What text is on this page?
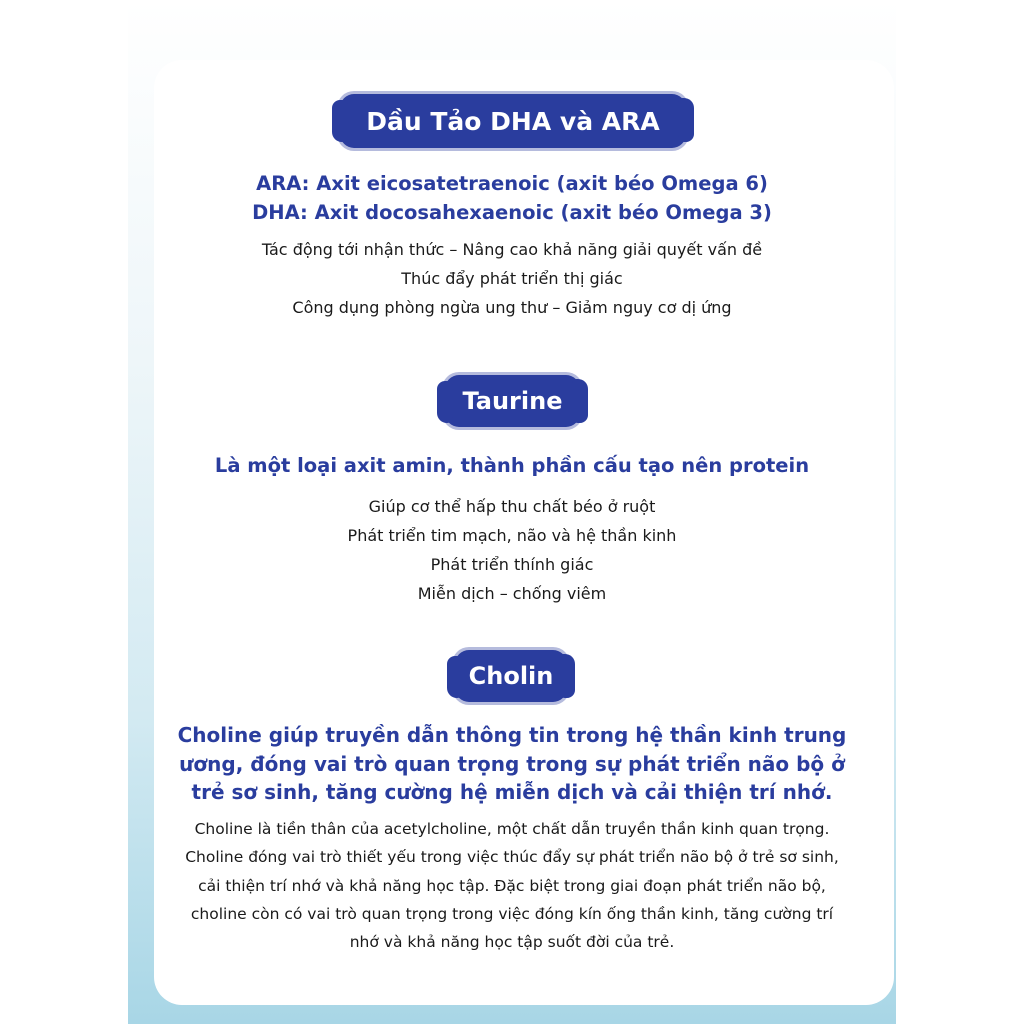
Dầu Tảo DHA và ARA
ARA: Axit eicosatetraenoic (axit béo Omega 6)
DHA: Axit docosahexaenoic (axit béo Omega 3)
Tác động tới nhận thức – Nâng cao khả năng giải quyết vấn đề
Thúc đẩy phát triển thị giác
Công dụng phòng ngừa ung thư – Giảm nguy cơ dị ứng
Taurine
Là một loại axit amin, thành phần cấu tạo nên protein
Giúp cơ thể hấp thu chất béo ở ruột
Phát triển tim mạch, não và hệ thần kinh
Phát triển thính giác
Miễn dịch – chống viêm
Cholin
Choline giúp truyền dẫn thông tin trong hệ thần kinh trung ương, đóng vai trò quan trọng trong sự phát triển não bộ ở trẻ sơ sinh, tăng cường hệ miễn dịch và cải thiện trí nhớ.
Choline là tiền thân của acetylcholine, một chất dẫn truyền thần kinh quan trọng. Choline đóng vai trò thiết yếu trong việc thúc đẩy sự phát triển não bộ ở trẻ sơ sinh, cải thiện trí nhớ và khả năng học tập. Đặc biệt trong giai đoạn phát triển não bộ, choline còn có vai trò quan trọng trong việc đóng kín ống thần kinh, tăng cường trí nhớ và khả năng học tập suốt đời của trẻ.
